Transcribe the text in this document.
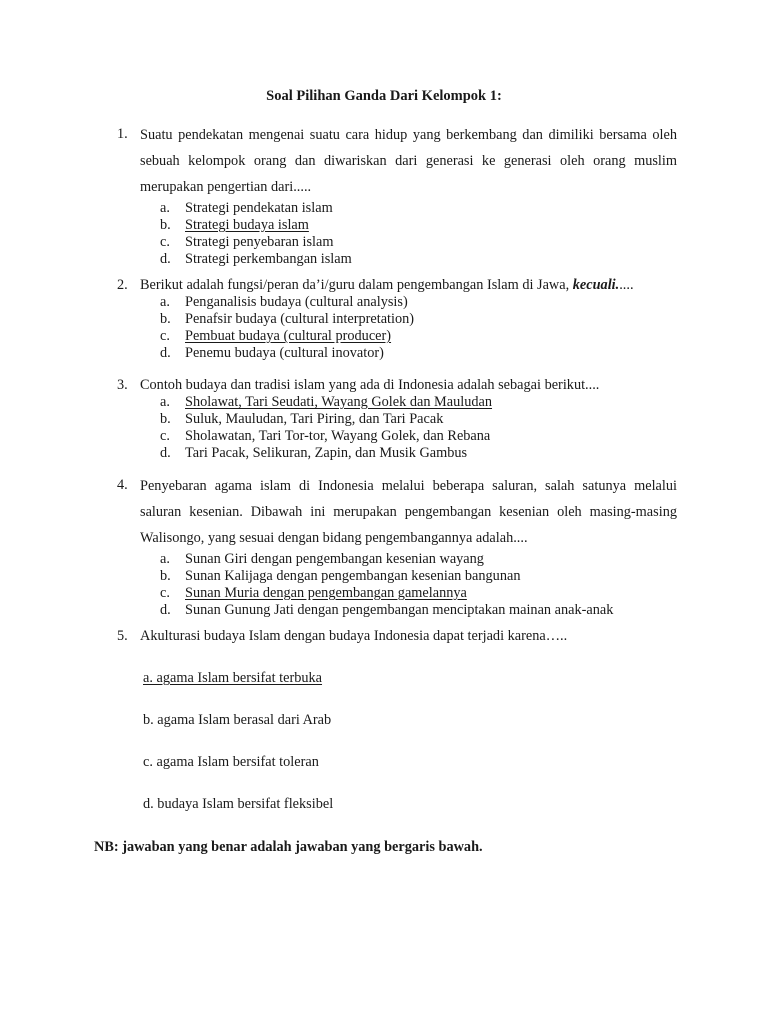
Soal Pilihan Ganda Dari Kelompok 1:
1. Suatu pendekatan mengenai suatu cara hidup yang berkembang dan dimiliki bersama oleh sebuah kelompok orang dan diwariskan dari generasi ke generasi oleh orang muslim merupakan pengertian dari.....
a. Strategi pendekatan islam
b. Strategi budaya islam
c. Strategi penyebaran islam
d. Strategi perkembangan islam
2. Berikut adalah fungsi/peran da’i/guru dalam pengembangan Islam di Jawa, kecuali.....
a. Penganalisis budaya (cultural analysis)
b. Penafsir budaya (cultural interpretation)
c. Pembuat budaya (cultural producer)
d. Penemu budaya (cultural inovator)
3. Contoh budaya dan tradisi islam yang ada di Indonesia adalah sebagai berikut....
a. Sholawat, Tari Seudati, Wayang Golek dan Mauludan
b. Suluk, Mauludan, Tari Piring, dan Tari Pacak
c. Sholawatan, Tari Tor-tor, Wayang Golek, dan Rebana
d. Tari Pacak, Selikuran, Zapin, dan Musik Gambus
4. Penyebaran agama islam di Indonesia melalui beberapa saluran, salah satunya melalui saluran kesenian. Dibawah ini merupakan pengembangan kesenian oleh masing-masing Walisongo, yang sesuai dengan bidang pengembangannya adalah....
a. Sunan Giri dengan pengembangan kesenian wayang
b. Sunan Kalijaga dengan pengembangan kesenian bangunan
c. Sunan Muria dengan pengembangan gamelannya
d. Sunan Gunung Jati dengan pengembangan menciptakan mainan anak-anak
5. Akulturasi budaya Islam dengan budaya Indonesia dapat terjadi karena…..
a. agama Islam bersifat terbuka
b. agama Islam berasal dari Arab
c. agama Islam bersifat toleran
d. budaya Islam bersifat fleksibel
NB: jawaban yang benar adalah jawaban yang bergaris bawah.
